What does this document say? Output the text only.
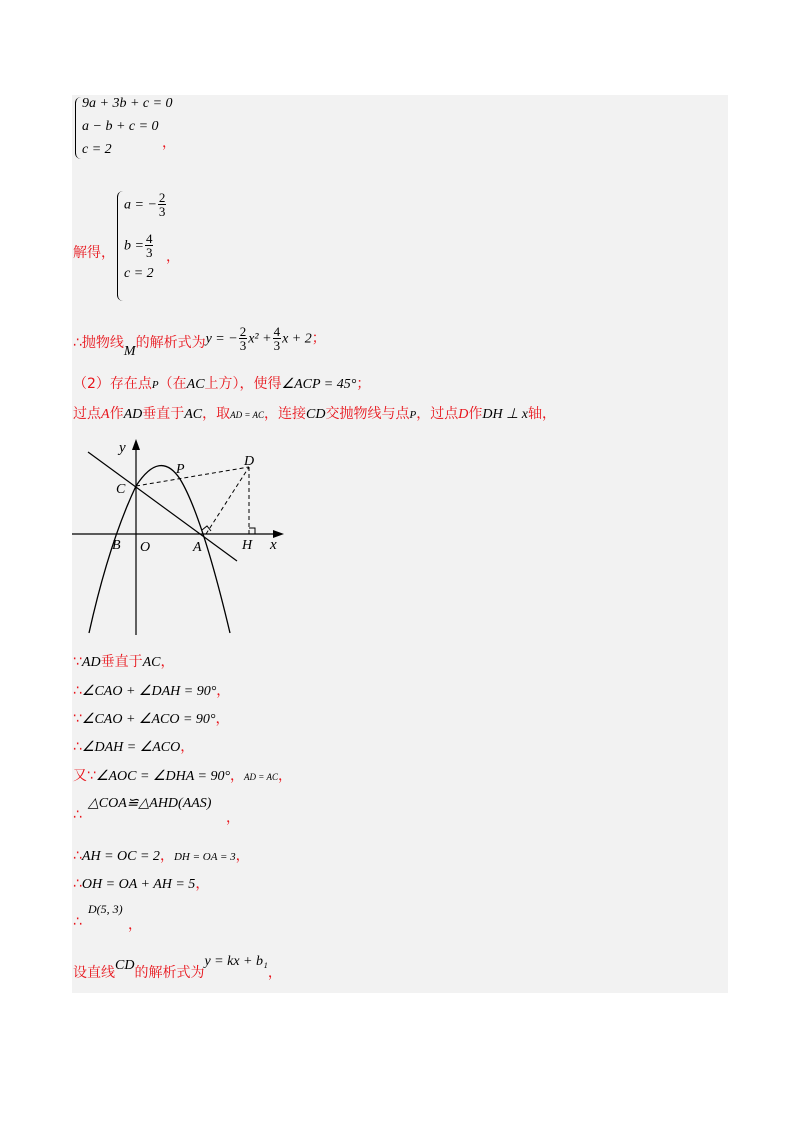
9a + 3b + c = 0
a − b + c = 0
c = 2	，
解得，
a = − $\frac{2}{3}$
$b = \frac{4}{3}$
c = 2
，
∴抛物线M的解析式为y = − $\frac{2}{3} x^2 + \frac{4}{3}$ x + 2；
（2）存在点P（在AC上方），使得∠ACP = 45°；
过点A作AD垂直于AC，取AD = AC，连接CD交抛物线与点P，过点D作DH ⊥ x轴，
y
x
D
P
C
B O	A	H
∵AD垂直于AC，
∴∠CAO + ∠DAH = 90°，
∵∠CAO + ∠ACO = 90°，
∴∠DAH = ∠ACO，
又∵∠AOC = ∠DHA = 90°，AD = AC，
△COA≌△AHD(AAS)
∴	，
∴AH = OC = 2，DH = OA = 3，
∴OH = OA + AH = 5，
D(5, 3)
∴	，
设直线CD的解析式为y = kx + b₁，
